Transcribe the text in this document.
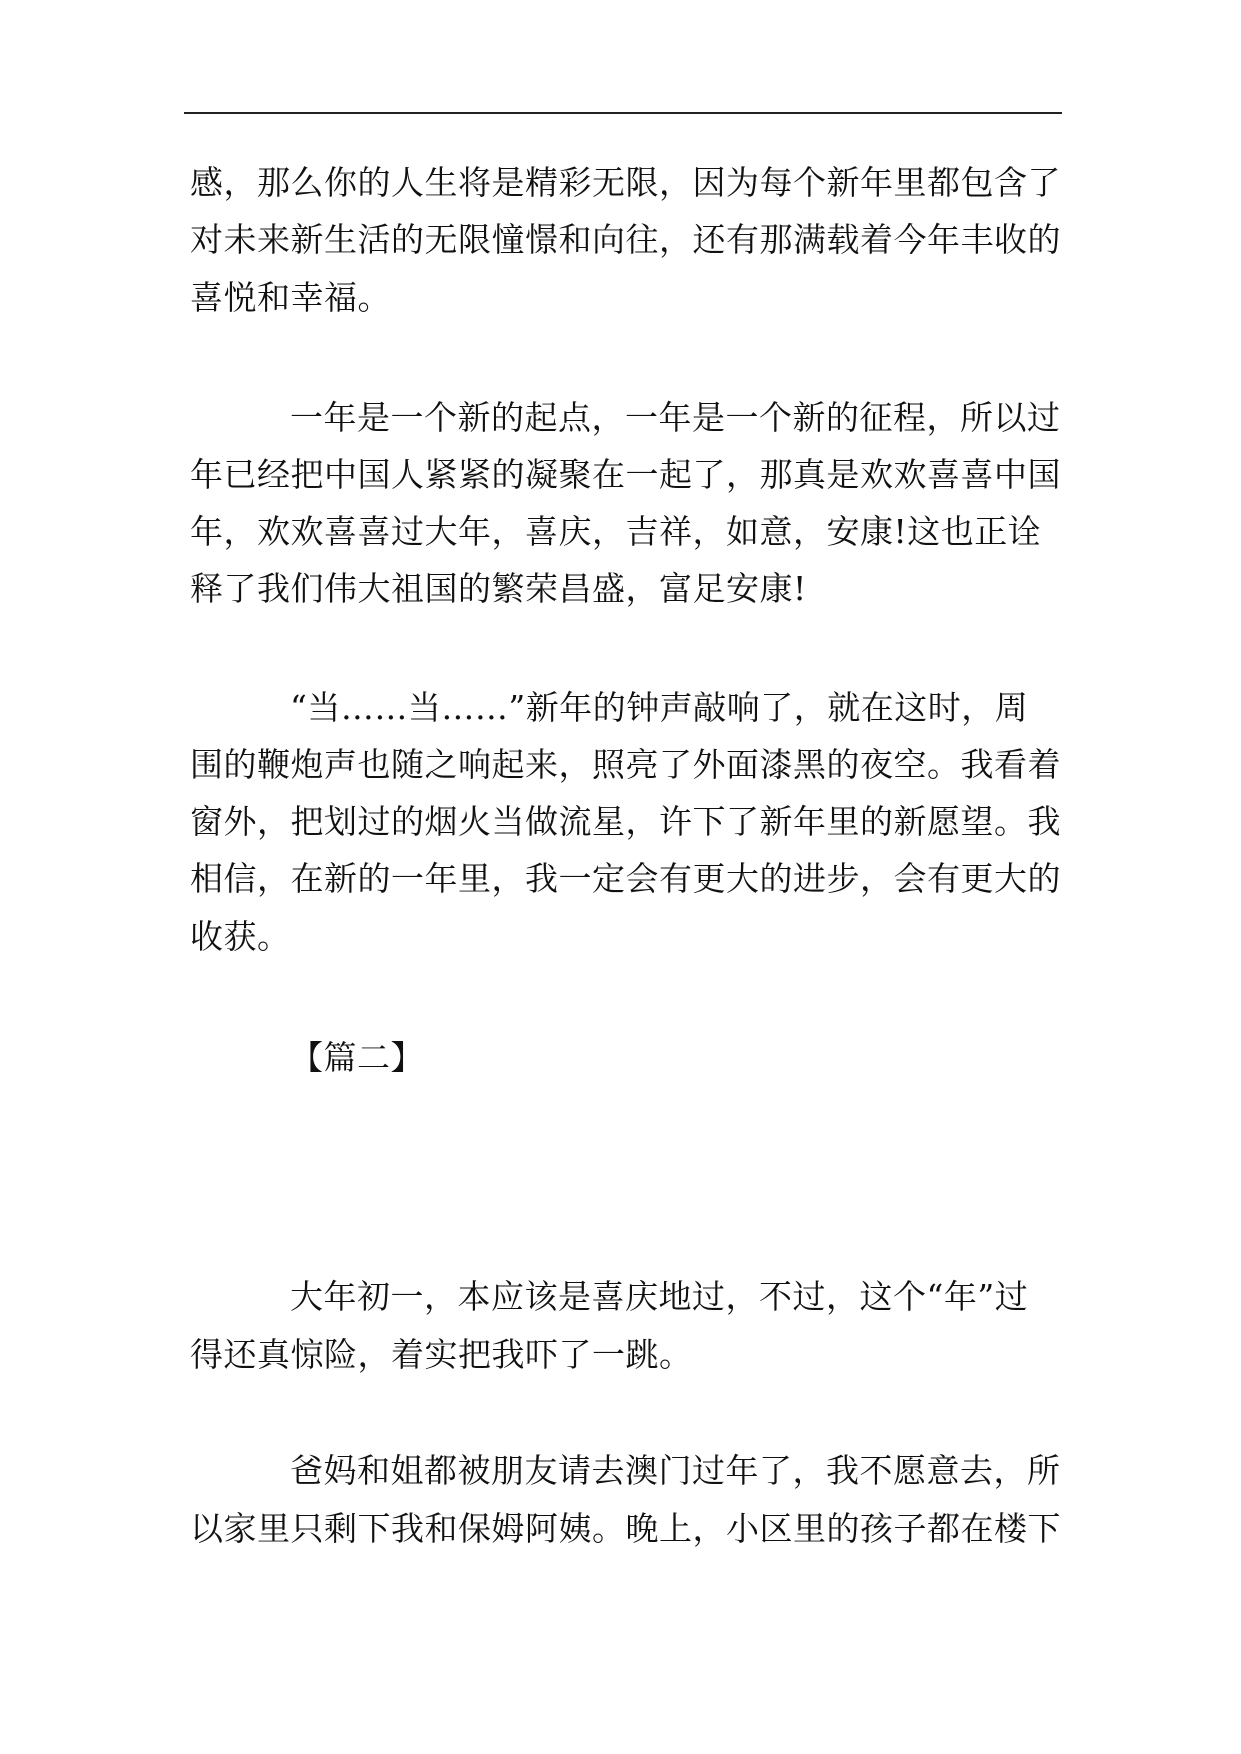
感，那么你的人生将是精彩无限，因为每个新年里都包含了
对未来新生活的无限憧憬和向往，还有那满载着今年丰收的
喜悦和幸福。
一年是一个新的起点，一年是一个新的征程，所以过
年已经把中国人紧紧的凝聚在一起了，那真是欢欢喜喜中国
年，欢欢喜喜过大年，喜庆，吉祥，如意，安康!这也正诠
释了我们伟大祖国的繁荣昌盛，富足安康!
“当……当……”新年的钟声敲响了，就在这时，周
围的鞭炮声也随之响起来，照亮了外面漆黑的夜空。我看着
窗外，把划过的烟火当做流星，许下了新年里的新愿望。我
相信，在新的一年里，我一定会有更大的进步，会有更大的
收获。
【篇二】
大年初一，本应该是喜庆地过，不过，这个“年”过
得还真惊险，着实把我吓了一跳。
爸妈和姐都被朋友请去澳门过年了，我不愿意去，所
以家里只剩下我和保姆阿姨。晚上，小区里的孩子都在楼下
